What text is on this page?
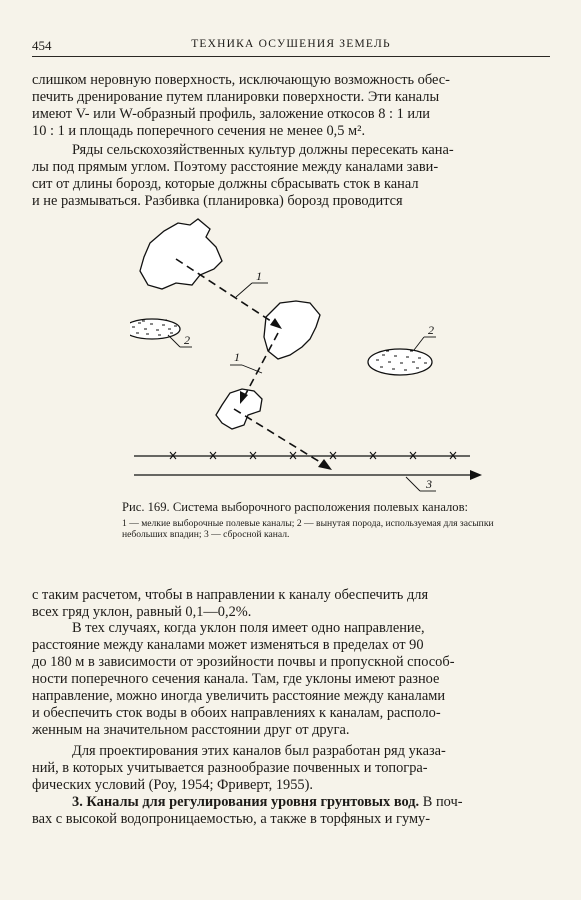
454	ТЕХНИКА ОСУШЕНИЯ ЗЕМЕЛЬ

слишком неровную поверхность, исключающую возможность обес-
печить дренирование путем планировки поверхности. Эти каналы
имеют V- или W-образный профиль, заложение откосов 8 : 1 или
10 : 1 и площадь поперечного сечения не менее 0,5 м².

Ряды сельскохозяйственных культур должны пересекать кана-
лы под прямым углом. Поэтому расстояние между каналами зави-
сит от длины борозд, которые должны сбрасывать сток в канал
и не размываться. Разбивка (планировка) борозд проводится

1
1
2
2
3

Рис. 169. Система выборочного расположения полевых каналов:

1 — мелкие выборочные полевые каналы; 2 — вынутая порода, используемая для засыпки небольших впадин; 3 — сбросной канал.

с таким расчетом, чтобы в направлении к каналу обеспечить для
всех гряд уклон, равный 0,1—0,2%.

В тех случаях, когда уклон поля имеет одно направление,
расстояние между каналами может изменяться в пределах от 90
до 180 м в зависимости от эрозийности почвы и пропускной способ-
ности поперечного сечения канала. Там, где уклоны имеют разное
направление, можно иногда увеличить расстояние между каналами
и обеспечить сток воды в обоих направлениях к каналам, располо-
женным на значительном расстоянии друг от друга.

Для проектирования этих каналов был разработан ряд указа-
ний, в которых учитывается разнообразие почвенных и топогра-
фических условий (Роу, 1954; Фриверт, 1955).

3. Каналы для регулирования уровня грунтовых вод. В поч-
вах с высокой водопроницаемостью, а также в торфяных и гуму-
